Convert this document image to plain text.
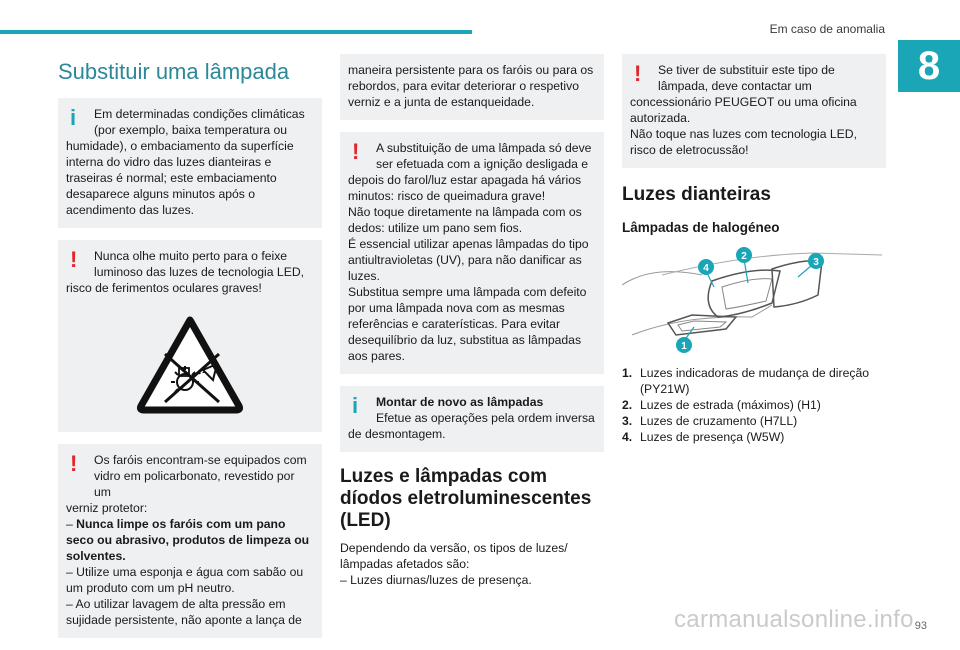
Em caso de anomalia
8
Substituir uma lâmpada
i	Em determinadas condições climáticas (por exemplo, baixa temperatura ou

humidade), o embaciamento da superfície interna do vidro das luzes dianteiras e traseiras é normal; este embaciamento desaparece alguns minutos após o acendimento das luzes.

!	Nunca olhe muito perto para o feixe luminoso das luzes de tecnologia LED,

risco de ferimentos oculares graves!

!	Os faróis encontram-se equipados com vidro em policarbonato, revestido por um

verniz protetor:

– Nunca limpe os faróis com um pano seco ou abrasivo, produtos de limpeza ou solventes.

– Utilize uma esponja e água com sabão ou um produto com um pH neutro.

– Ao utilizar lavagem de alta pressão em sujidade persistente, não aponte a lança de

maneira persistente para os faróis ou para os rebordos, para evitar deteriorar o respetivo verniz e a junta de estanqueidade.

!	A substituição de uma lâmpada só deve ser efetuada com a ignição desligada e

depois do farol/luz estar apagada há vários minutos: risco de queimadura grave!

Não toque diretamente na lâmpada com os dedos: utilize um pano sem fios.

É essencial utilizar apenas lâmpadas do tipo antiultravioletas (UV), para não danificar as luzes.

Substitua sempre uma lâmpada com defeito por uma lâmpada nova com as mesmas referências e caraterísticas. Para evitar desequilíbrio da luz, substitua as lâmpadas aos pares.

i	Montar de novo as lâmpadas
Efetue as operações pela ordem inversa

de desmontagem.

Luzes e lâmpadas com díodos eletroluminescentes (LED)

Dependendo da versão, os tipos de luzes/ lâmpadas afetados são:

– Luzes diurnas/luzes de presença.

!	Se tiver de substituir este tipo de lâmpada, deve contactar um

concessionário PEUGEOT ou uma oficina autorizada.

Não toque nas luzes com tecnologia LED, risco de eletrocussão!

Luzes dianteiras
Lâmpadas de halogéneo
4
2
3
1
1. Luzes indicadoras de mudança de direção (PY21W)
2. Luzes de estrada (máximos) (H1)
3. Luzes de cruzamento (H7LL)
4. Luzes de presença (W5W)
carmanualsonline.info 93
